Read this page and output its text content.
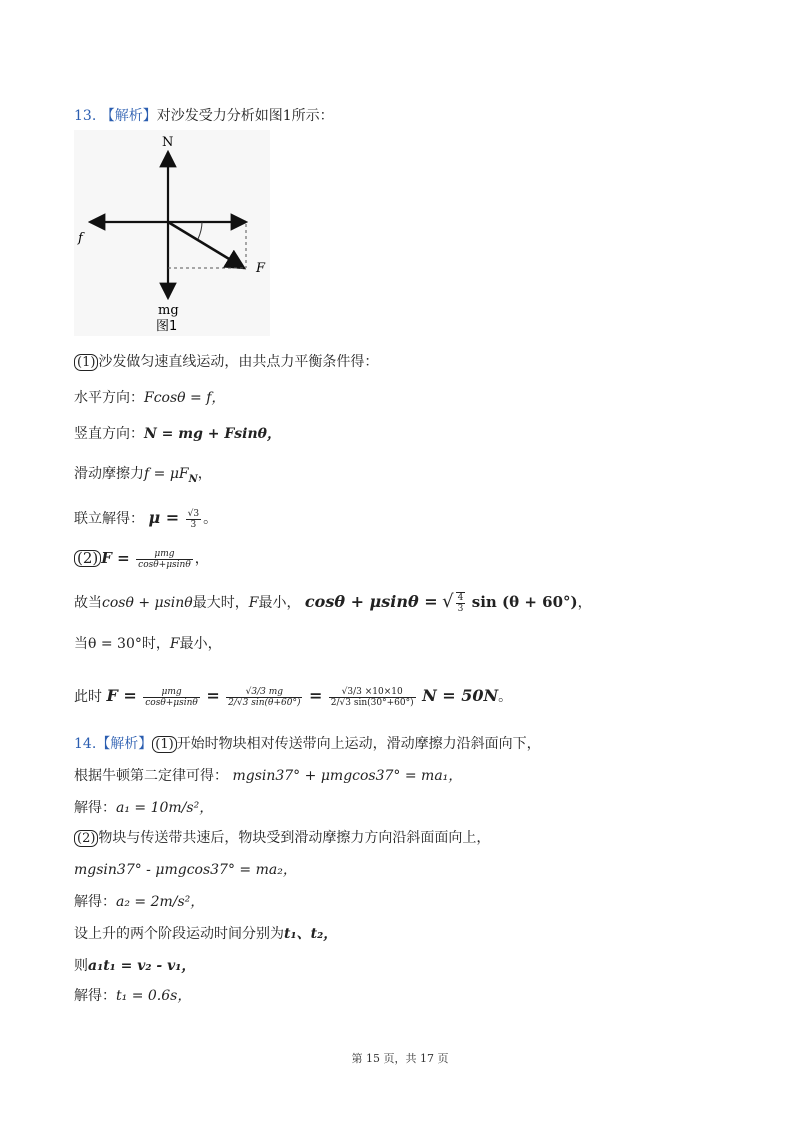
13. 【解析】对沙发受力分析如图1所示：
N
f
F
mg
图1
(1) 沙发做匀速直线运动，由共点力平衡条件得：
水平方向：Fcosθ = f，
竖直方向：N = mg + Fsinθ，
滑动摩擦力$f = \mu F_N$，
联立解得： $\mu = \frac{√3}{3}$ 。
(2) $F = \frac{\text{μmg}}{\cos\theta+\mu\sin\theta}$ ，
故当cosθ + μsinθ最大时，F最小， cosθ + μsinθ = √ $\frac{4}{3}$ sin (θ + 60°)，
当θ = 30°时，F最小，
此时 $F = \frac{\text{μmg}}{\cos\theta+\mu\sin\theta} = \frac{√3/3 mg}{2/√3 \sin(\theta+60^\circ)} = \frac{√3/3 \times 10\times 10}{2/√3 \sin(30^\circ+60^\circ)}$ N = 50N。
14.【解析】 (1) 开始时物块相对传送带向上运动，滑动摩擦力沿斜面向下，
根据牛顿第二定律可得： mgsin37° + μmgcos37° = ma₁，
解得：a₁ = 10m/s²，
(2) 物块与传送带共速后，物块受到滑动摩擦力方向沿斜面面向上，
mgsin37° - μmgcos37° = ma₂，
解得：a₂ = 2m/s²，
设上升的两个阶段运动时间分别为t₁、t₂，
则a₁t₁ = v₂ - v₁，
解得：t₁ = 0.6s，
第 15 页，共 17 页
